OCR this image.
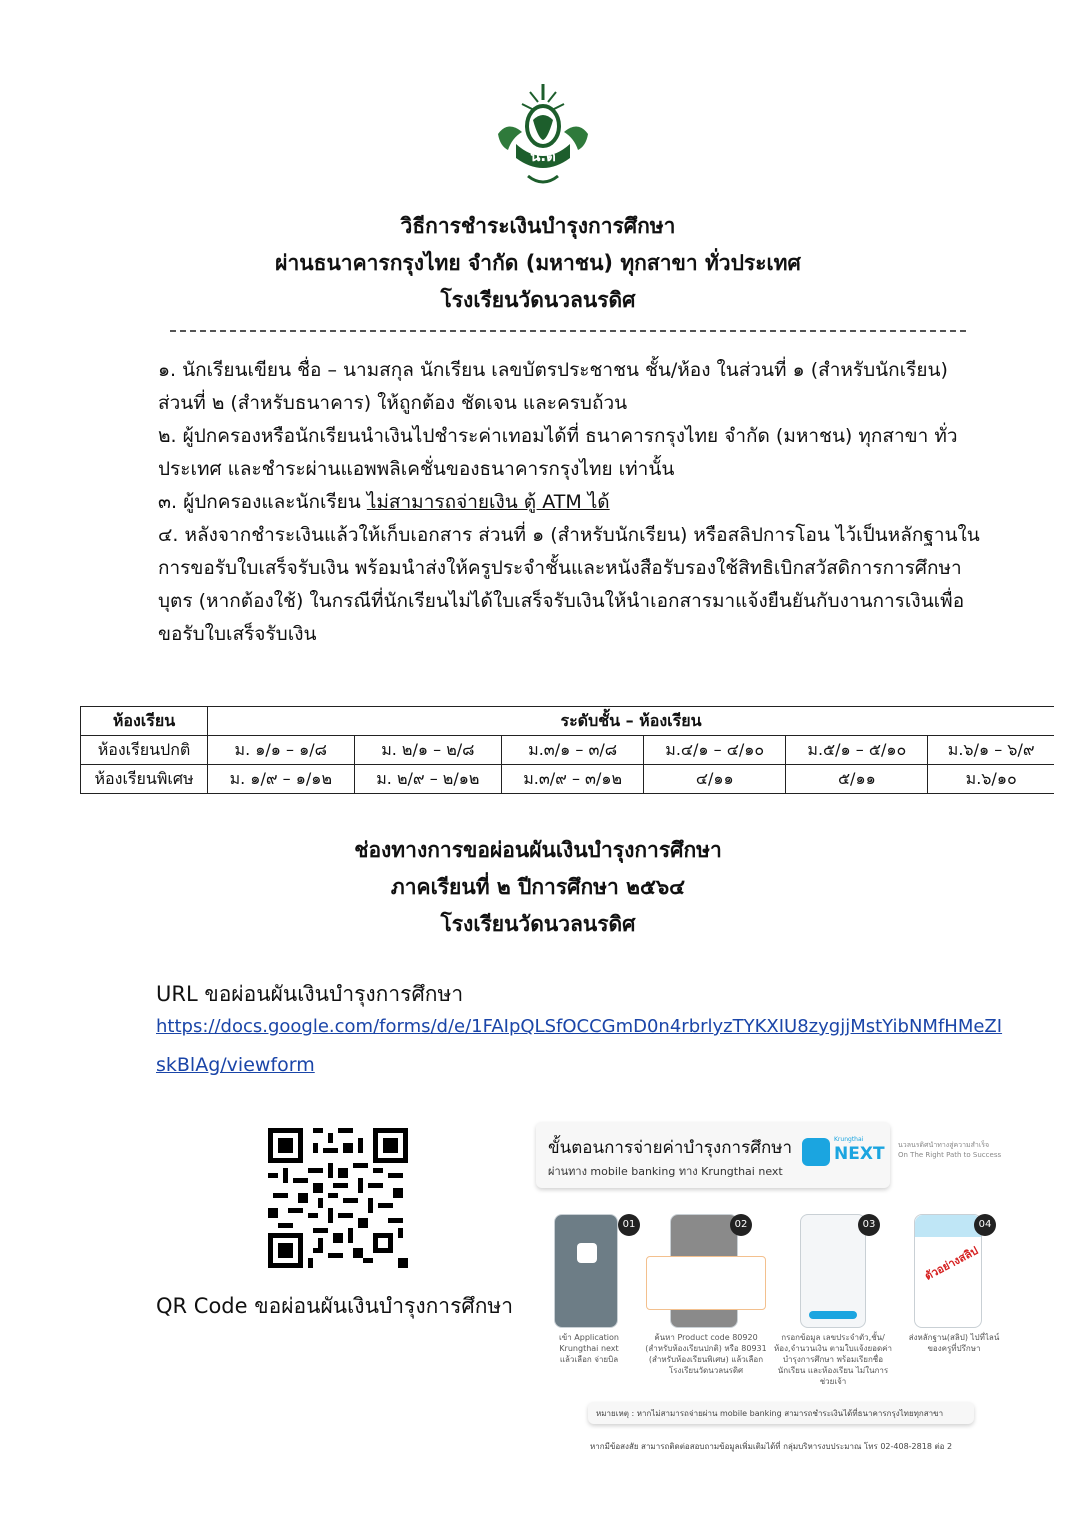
น.ด
วิธีการชำระเงินบำรุงการศึกษา
ผ่านธนาคารกรุงไทย จำกัด (มหาชน) ทุกสาขา ทั่วประเทศ
โรงเรียนวัดนวลนรดิศ

๑. นักเรียนเขียน ชื่อ – นามสกุล นักเรียน เลขบัตรประชาชน ชั้น/ห้อง ในส่วนที่ ๑ (สำหรับนักเรียน) ส่วนที่ ๒ (สำหรับธนาคาร) ให้ถูกต้อง ชัดเจน และครบถ้วน

๒. ผู้ปกครองหรือนักเรียนนำเงินไปชำระค่าเทอมได้ที่ ธนาคารกรุงไทย จำกัด (มหาชน) ทุกสาขา ทั่วประเทศ และชำระผ่านแอพพลิเคชั่นของธนาคารกรุงไทย เท่านั้น

๓. ผู้ปกครองและนักเรียน ไม่สามารถจ่ายเงิน ตู้ ATM ได้

๔. หลังจากชำระเงินแล้วให้เก็บเอกสาร ส่วนที่ ๑ (สำหรับนักเรียน) หรือสลิปการโอน ไว้เป็นหลักฐานในการขอรับใบเสร็จรับเงิน พร้อมนำส่งให้ครูประจำชั้นและหนังสือรับรองใช้สิทธิเบิกสวัสดิการการศึกษาบุตร (หากต้องใช้) ในกรณีที่นักเรียนไม่ได้ใบเสร็จรับเงินให้นำเอกสารมาแจ้งยืนยันกับงานการเงินเพื่อขอรับใบเสร็จรับเงิน

ห้องเรียน	ระดับชั้น – ห้องเรียน					
ห้องเรียนปกติ	ม. ๑/๑ – ๑/๘	ม. ๒/๑ – ๒/๘	ม.๓/๑ – ๓/๘	ม.๔/๑ – ๔/๑๐	ม.๕/๑ – ๕/๑๐	ม.๖/๑ – ๖/๙
ห้องเรียนพิเศษ	ม. ๑/๙ – ๑/๑๒	ม. ๒/๙ – ๒/๑๒	ม.๓/๙ – ๓/๑๒	๔/๑๑	๕/๑๑	ม.๖/๑๐
ช่องทางการขอผ่อนผันเงินบำรุงการศึกษา
ภาคเรียนที่ ๒ ปีการศึกษา ๒๕๖๔
โรงเรียนวัดนวลนรดิศ
URL ขอผ่อนผันเงินบำรุงการศึกษา
https://docs.google.com/forms/d/e/1FAIpQLSfOCCGmD0n4rbrlyzTYKXIU8zygjjMstYibNMfHMeZI
skBlAg/viewform
QR Code ขอผ่อนผันเงินบำรุงการศึกษา
ขั้นตอนการจ่ายค่าบำรุงการศึกษา
ผ่านทาง mobile banking ทาง Krungthai next
Krungthai
NEXT นวลนรดิศนำทางสู่ความสำเร็จ
On The Right Path to Success
01
เข้า Application Krungthai next แล้วเลือก จ่ายบิล
02
ค้นหา Product code 80920 (สำหรับห้องเรียนปกติ) หรือ 80931 (สำหรับห้องเรียนพิเศษ) แล้วเลือกโรงเรียนวัดนวลนรดิศ
03
กรอกข้อมูล เลขประจำตัว,ชั้น/ห้อง,จำนวนเงิน ตามใบแจ้งยอดค่าบำรุงการศึกษา พร้อมเรียกชื่อนักเรียน และห้องเรียน ไม่ในการช่วยเจ้า
ตัวอย่างสลิป
04
ส่งหลักฐาน(สลิป) ไปที่ไลน์ของครูที่ปรึกษา
หมายเหตุ : หากไม่สามารถจ่ายผ่าน mobile banking สามารถชำระเงินได้ที่ธนาคารกรุงไทยทุกสาขา
หากมีข้อสงสัย สามารถติดต่อสอบถามข้อมูลเพิ่มเติมได้ที่ กลุ่มบริหารงบประมาณ โทร 02-408-2818 ต่อ 2
